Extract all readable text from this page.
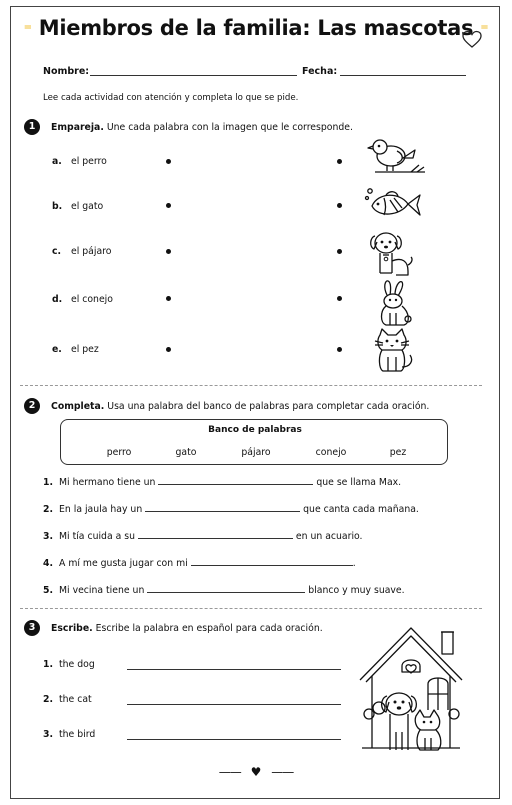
⁼ Miembros de la familia: Las mascotas ⁼
Nombre:	Fecha:
Lee cada actividad con atención y completa lo que se pide.
1	Empareja. Une cada palabra con la imagen que le corresponde.
a. el perro
b. el gato
c. el pájaro
d. el conejo
e. el pez
2	Completa. Usa una palabra del banco de palabras para completar cada oración.
Banco de palabras
perro	gato	pájaro	conejo	pez
1. Mi hermano tiene un	que se llama Max.
2. En la jaula hay un	que canta cada mañana.
3. Mi tía cuida a su	en un acuario.
4. A mí me gusta jugar con mi	.
5. Mi vecina tiene un	blanco y muy suave.
3	Escribe. Escribe la palabra en español para cada oración.
1. the dog
2. the cat
3. the bird
—— ♥ ——
